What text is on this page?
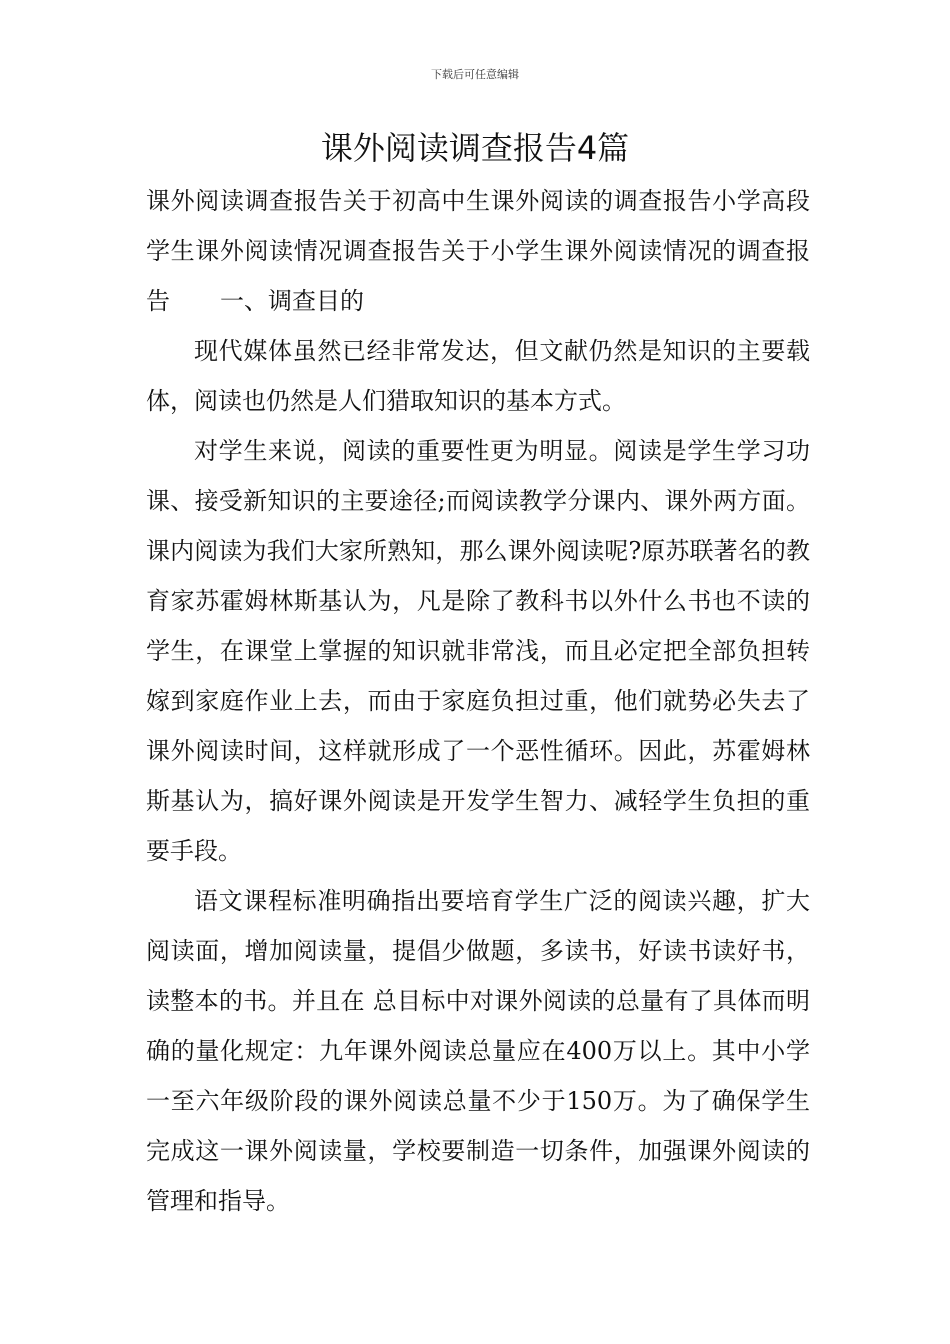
下载后可任意编辑
课外阅读调查报告4篇

课外阅读调查报告关于初高中生课外阅读的调查报告小学高段学生课外阅读情况调查报告关于小学生课外阅读情况的调查报告 一、调查目的

现代媒体虽然已经非常发达，但文献仍然是知识的主要载体，阅读也仍然是人们猎取知识的基本方式。

对学生来说，阅读的重要性更为明显。阅读是学生学习功课、接受新知识的主要途径;而阅读教学分课内、课外两方面。课内阅读为我们大家所熟知，那么课外阅读呢?原苏联著名的教育家苏霍姆林斯基认为，凡是除了教科书以外什么书也不读的学生，在课堂上掌握的知识就非常浅，而且必定把全部负担转嫁到家庭作业上去，而由于家庭负担过重，他们就势必失去了课外阅读时间，这样就形成了一个恶性循环。因此，苏霍姆林斯基认为，搞好课外阅读是开发学生智力、减轻学生负担的重要手段。

语文课程标准明确指出要培育学生广泛的阅读兴趣，扩大阅读面，增加阅读量，提倡少做题，多读书，好读书读好书，读整本的书。并且在 总目标中对课外阅读的总量有了具体而明确的量化规定：九年课外阅读总量应在400万以上。其中小学一至六年级阶段的课外阅读总量不少于150万。为了确保学生完成这一课外阅读量，学校要制造一切条件，加强课外阅读的管理和指导。
